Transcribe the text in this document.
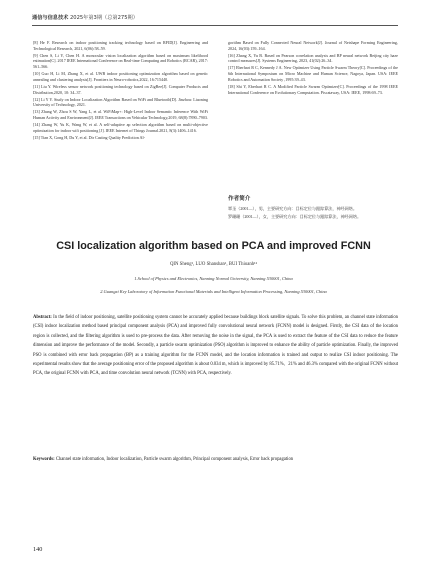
通信与信息技术 2025年第3期（总第275期）

[8] He F. Research on indoor positioning tracking technology based on RFID[J]. Engineering and Technological Research, 2021, 6(06):58–59.

[9] Chen S, Li Y, Chen H. A monocular vision localization algorithm based on maximum likelihood estimation[C]. 2017 IEEE International Conference on Real-time Computing and Robotics (RCAR), 2017: 561–566.

[10] Guo H, Li M, Zhang X, et al. UWB indoor positioning optimization algorithm based on genetic annealing and clustering analysis[J]. Frontiers in Neuro-robotics,2022, 16:715440.

[11] Liu Y. Wireless sensor network positioning technology based on ZigBee[J]. Computer Products and Distribution,2020, 10: 34–37.

[12] Li Y Y. Study on Indoor Localization Algorithm Based on WiFi and Bluetooth[D]. Jinzhou: Liaoning University of Technology, 2021.

[13] Zhang W, Zhou S W, Yang L, et al. WiFiMap+: High-Level Indoor Semantic Inference With WiFi Human Activity and Environment[J]. IEEE Transactions on Vehicular Technology,2019, 68(8):7890–7903.

[14] Zhang W, Yu K, Wang W, et al. A self-adaptive ap selection algorithm based on multi-objective optimization for indoor wifi positioning [J]. IEEE Internet of Things Journal.2021, 8(3):1406–1416.

[15] Tian X, Gong H, Du Y, et al. Dir Casting Quality Prediction Al-

gorithm Based on Fully Connected Neural Network[J]. Journal of Netshape Forming Engineering, 2024, 16(03):159–164.

[16] Zhang X, Yu B. Based on Pearson correlation analysis and BP neural network Beijing city haze control measures[J]. Systems Engineering, 2023, 41(02):26–34.

[17] Eberhart R C, Kennedy J A. New Optimizer Using Particle Swarm Theory[C]. Proceedings of the 6th International Symposium on Micro Machine and Human Science, Nagoya, Japan. USA: IEEE Robotics and Automation Society ,1995:39–43.

[18] Shi Y, Eberhart R C. A Modified Particle Swarm Optimizer[C]. Proceedings of the 1998 IEEE International Conference on Evolutionary Computation. Piscataway, USA: IEEE, 1998:69–73.

作者简介
覃圣（2001—），男，主要研究方向：目标定位与跟踪算法，神经网络。
罗珊珊（2001—），女，主要研究方向：目标定位与跟踪算法，神经网络。
CSI localization algorithm based on PCA and improved FCNN
QIN Sheng¹, LUO Shanshan¹, BUI Thioanh¹²
1.School of Physics and Electronics, Nanning Normal University, Nanning 530001, China
2.Guangxi Key Laboratory of Information Functional Materials and Intelligent Information Processing, Nanning 530001, China
Abstract: In the field of indoor positioning, satellite positioning system cannot be accurately applied because buildings block satellite signals. To solve this problem, an channel state information (CSI) indoor localization method based principal component analysis (PCA) and improved fully convolutional neural network (FCNN) model is designed. Firstly, the CSI data of the location region is collected, and the filtering algorithm is used to pre-process the data. After removing the noise in the signal, the PCA is used to extract the feature of the CSI data to reduce the feature dimension and improve the performance of the model. Secondly, a particle swarm optimization (PSO) algorithm is improved to enhance the ability of particle optimization. Finally, the improved PSO is combined with error back propagation (BP) as a training algorithm for the FCNN model, and the location information is trained and output to realize CSI indoor positioning. The experimental results show that the average positioning error of the proposed algorithm is about 0.034 m, which is improved by 85.71%、21% and 46.3% compared with the original FCNN without PCA, the original FCNN with PCA, and time convolution neural network (TCNN) with PCA, respectively.
Keywords: Channel state information, Indoor localization, Particle swarm algorithm, Principal component analysis, Error back propagation
140
